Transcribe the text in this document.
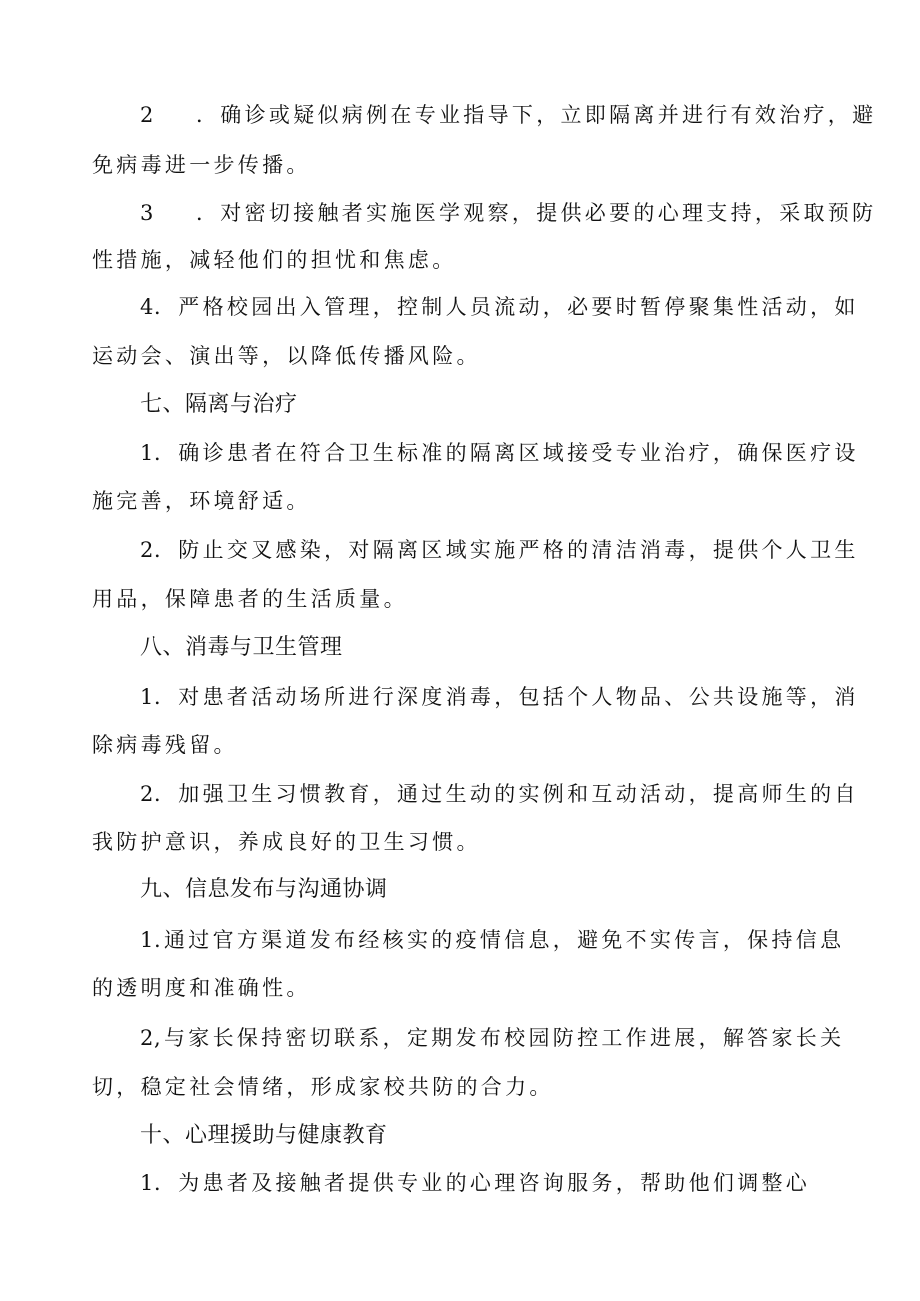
2 ．确诊或疑似病例在专业指导下，立即隔离并进行有效治疗，避
免病毒进一步传播。
3 ．对密切接触者实施医学观察，提供必要的心理支持，采取预防
性措施，减轻他们的担忧和焦虑。
4．严格校园出入管理，控制人员流动，必要时暂停聚集性活动，如
运动会、演出等，以降低传播风险。
七、隔离与治疗
1．确诊患者在符合卫生标准的隔离区域接受专业治疗，确保医疗设
施完善，环境舒适。
2．防止交叉感染，对隔离区域实施严格的清洁消毒，提供个人卫生
用品，保障患者的生活质量。
八、消毒与卫生管理
1．对患者活动场所进行深度消毒，包括个人物品、公共设施等，消
除病毒残留。
2．加强卫生习惯教育，通过生动的实例和互动活动，提高师生的自
我防护意识，养成良好的卫生习惯。
九、信息发布与沟通协调
1.通过官方渠道发布经核实的疫情信息，避免不实传言，保持信息
的透明度和准确性。
2,与家长保持密切联系，定期发布校园防控工作进展，解答家长关
切，稳定社会情绪，形成家校共防的合力。
十、心理援助与健康教育
1．为患者及接触者提供专业的心理咨询服务，帮助他们调整心
